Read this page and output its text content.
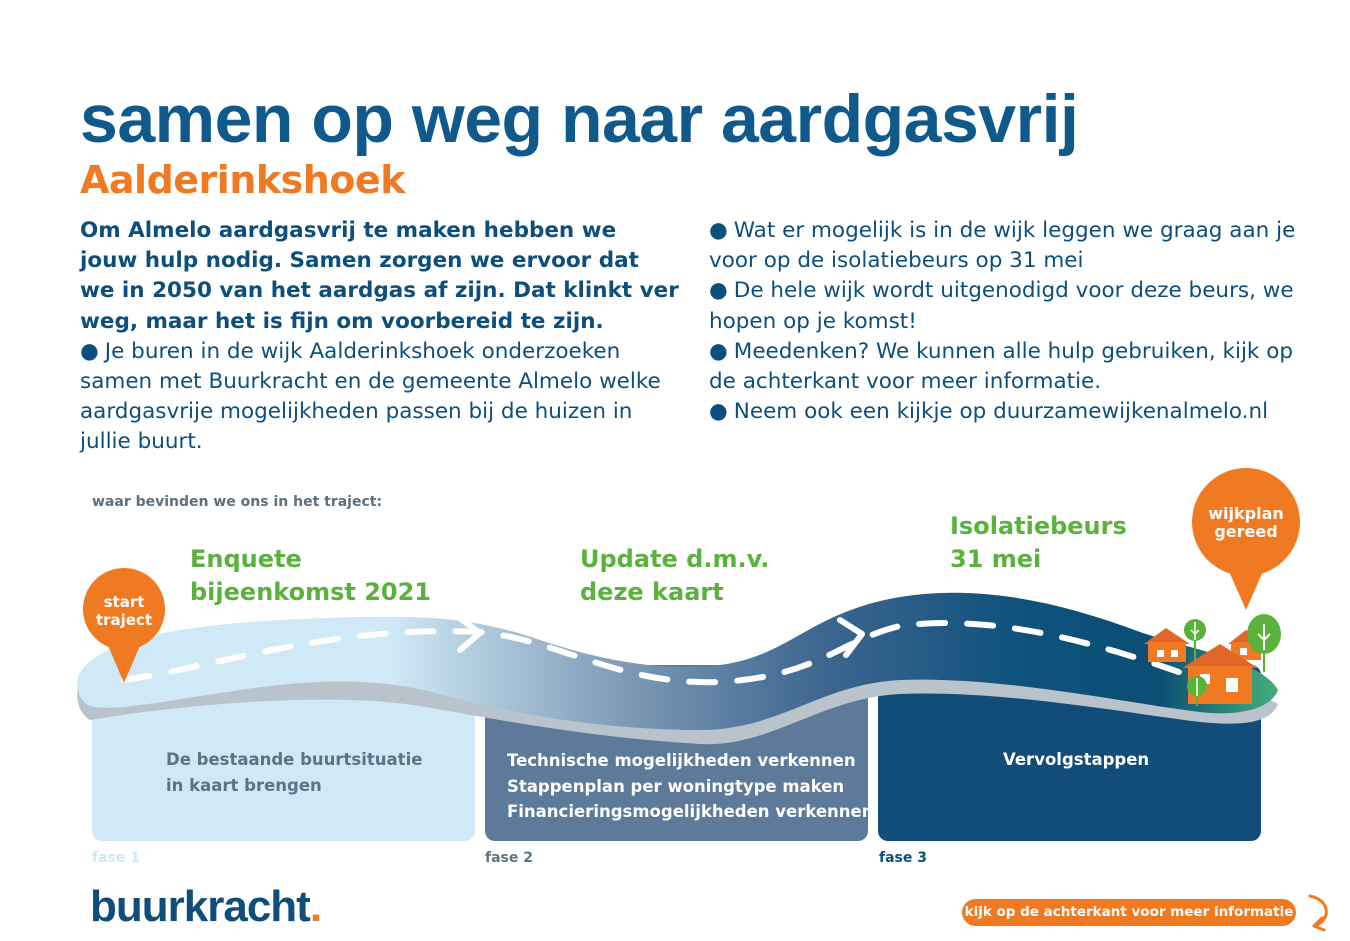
samen op weg naar aardgasvrij
Aalderinkshoek

Om Almelo aardgasvrij te maken hebben we jouw hulp nodig. Samen zorgen we ervoor dat we in 2050 van het aardgas af zijn. Dat klinkt ver weg, maar het is fijn om voorbereid te zijn.

● Je buren in de wijk Aalderinkshoek onderzoeken samen met Buurkracht en de gemeente Almelo welke aardgasvrije mogelijkheden passen bij de huizen in jullie buurt.

● Wat er mogelijk is in de wijk leggen we graag aan je voor op de isolatiebeurs op 31 mei

● De hele wijk wordt uitgenodigd voor deze beurs, we hopen op je komst!

● Meedenken? We kunnen alle hulp gebruiken, kijk op de achterkant voor meer informatie.

● Neem ook een kijkje op duurzamewijkenalmelo.nl

waar bevinden we ons in het traject:
start traject
wijkplan gereed

Enquete
bijeenkomst 2021

Update d.m.v.
deze kaart

Isolatiebeurs
31 mei

De bestaande buurtsituatie

in kaart brengen

Technische mogelijkheden verkennen

Stappenplan per woningtype maken

Financieringsmogelijkheden verkennen

Vervolgstappen

fase 1	fase 2	fase 3
buurkracht.	kijk op de achterkant voor meer informatie
